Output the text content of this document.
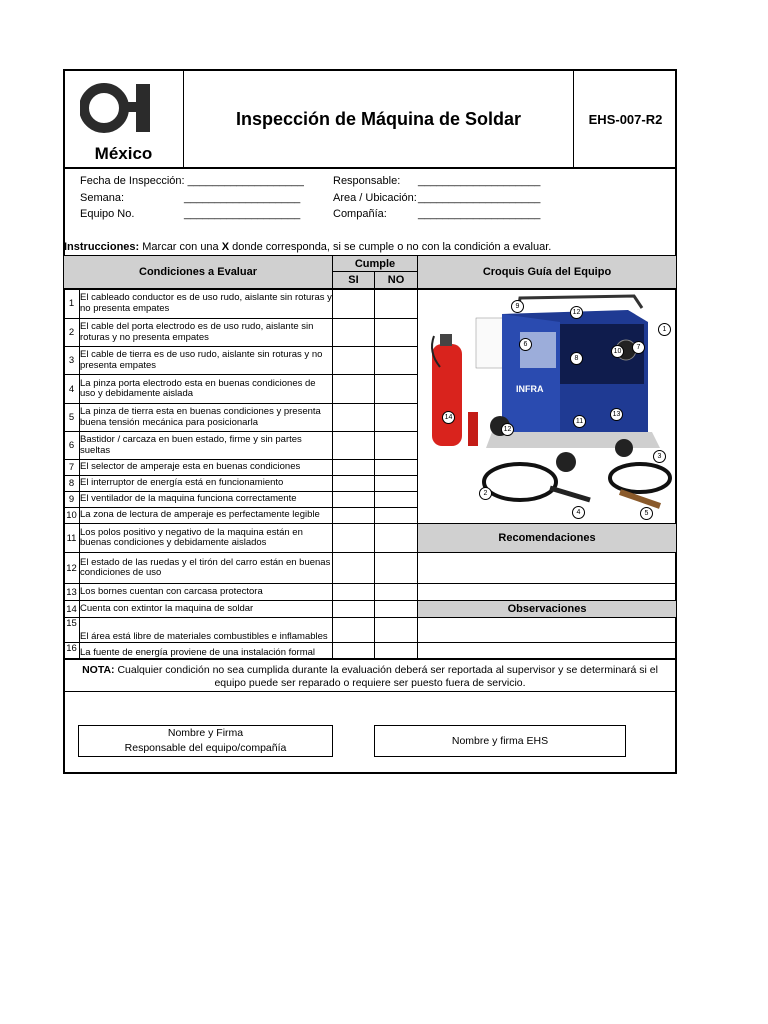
México
Inspección de Máquina de Soldar	EHS-007-R2
Fecha de Inspección: ___________________
Semana:	___________________
Equipo No.	___________________
Responsable: ____________________
Area / Ubicación: ____________________
Compañía:	____________________
Instrucciones: Marcar con una X donde corresponda, si se cumple o no con la condición a evaluar.
Condiciones a Evaluar
Cumple
SI	NO
Croquis Guía del Equipo
1
El cableado conductor es de uso rudo, aislante sin roturas y no presenta empates
2
El cable del porta electrodo es de uso rudo, aislante sin roturas y no presenta empates
3
El cable de tierra es de uso rudo, aislante sin roturas y no presenta empates
4
La pinza porta electrodo esta en buenas condiciones de uso y debidamente aislada
5
La pinza de tierra esta en buenas condiciones y presenta buena tensión mecánica para posicionarla
6
Bastidor / carcaza en buen estado, firme y sin partes sueltas
7 El selector de amperaje esta en buenas condiciones
8 El interruptor de energía está en funcionamiento
9 El ventilador de la maquina funciona correctamente
10 La zona de lectura de amperaje es perfectamente legible
11
Los polos positivo y negativo de la maquina están en buenas condiciones y debidamente aislados
12
El estado de las ruedas y el tirón del carro están en buenas condiciones de uso
13 Los bornes cuentan con carcasa protectora
14 Cuenta con extintor la maquina de soldar
15
El área está libre de materiales combustibles e inflamables
16 La fuente de energía proviene de una instalación formal
Recomendaciones
Observaciones
INFRA
9
12
1
6	7
10
8
13
14
11
12
3
2
4	5
NOTA: Cualquier condición no sea cumplida durante la evaluación deberá ser reportada al supervisor y se determinará si el equipo puede ser reparado o requiere ser puesto fuera de servicio.
Nombre y Firma
Responsable del equipo/compañía
Nombre y firma EHS
